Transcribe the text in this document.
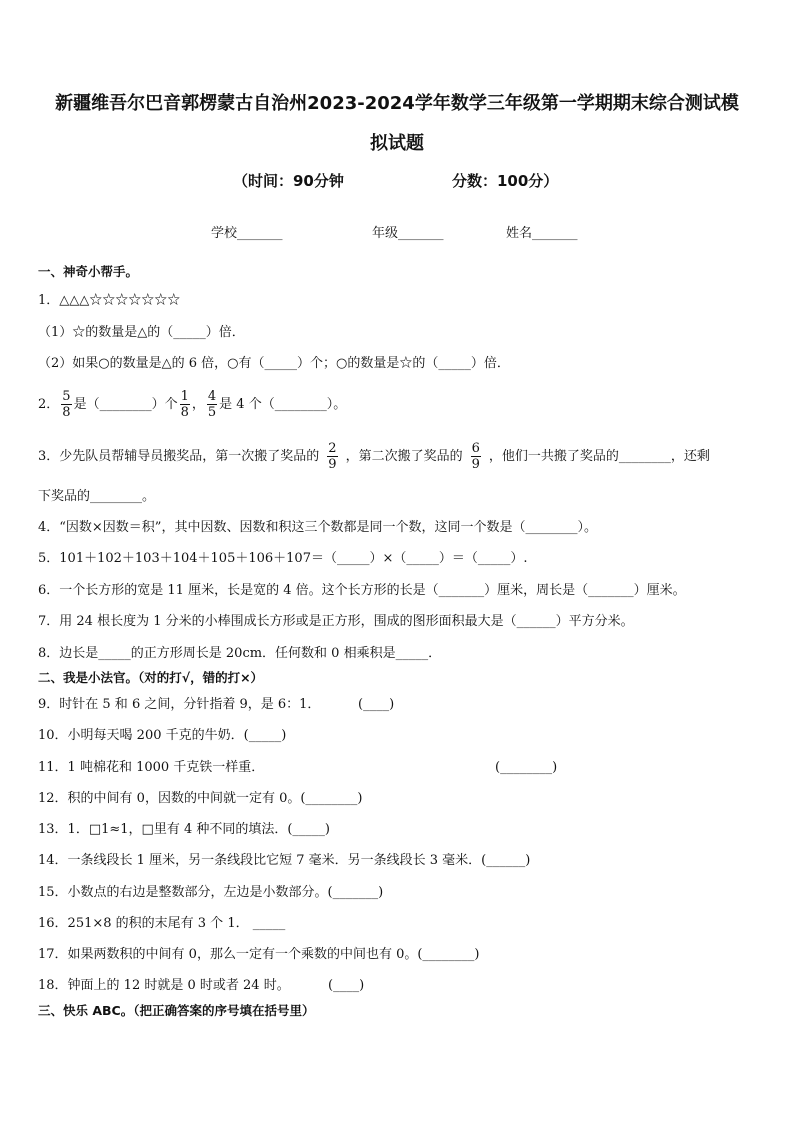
新疆维吾尔巴音郭楞蒙古自治州2023-2024学年数学三年级第一学期期末综合测试模
拟试题
（时间：90分钟	分数：100分）
学校_______	年级_______	姓名_______
一、神奇小帮手。
1．△△△☆☆☆☆☆☆☆
（1）☆的数量是△的（_____）倍．
（2）如果○的数量是△的 6 倍，○有（_____）个；○的数量是☆的（_____）倍．
2． $\frac{5}{8}$ 是（________）个 $\frac{1}{8}$ ， $\frac{4}{5}$ 是 4 个（________）。
3．少先队员帮辅导员搬奖品，第一次搬了奖品的 $\frac{2}{9}$ ，第二次搬了奖品的 $\frac{6}{9}$ ，他们一共搬了奖品的________，还剩
下奖品的________。
4．“因数×因数＝积”，其中因数、因数和积这三个数都是同一个数，这同一个数是（________）。
5．101＋102＋103＋104＋105＋106＋107＝（_____）×（_____）＝（_____）.
6．一个长方形的宽是 11 厘米，长是宽的 4 倍。这个长方形的长是（_______）厘米，周长是（_______）厘米。
7．用 24 根长度为 1 分米的小棒围成长方形或是正方形，围成的图形面积最大是（______）平方分米。
8．边长是_____的正方形周长是 20cm．任何数和 0 相乘积是_____．
二、我是小法官。（对的打√，错的打×）
9．时针在 5 和 6 之间，分针指着 9，是 6：1．	(____)
10．小明每天喝 200 千克的牛奶．(_____)
11．1 吨棉花和 1000 千克铁一样重．	(________)
12．积的中间有 0，因数的中间就一定有 0。(________)
13．1．□1≈1，□里有 4 种不同的填法．(_____)
14．一条线段长 1 厘米，另一条线段比它短 7 毫米．另一条线段长 3 毫米．(______)
15．小数点的右边是整数部分，左边是小数部分。(_______)
16．251×8 的积的末尾有 3 个 1． _____
17．如果两数积的中间有 0，那么一定有一个乘数的中间也有 0。(________)
18．钟面上的 12 时就是 0 时或者 24 时。	(____)
三、快乐 ABC。（把正确答案的序号填在括号里）
